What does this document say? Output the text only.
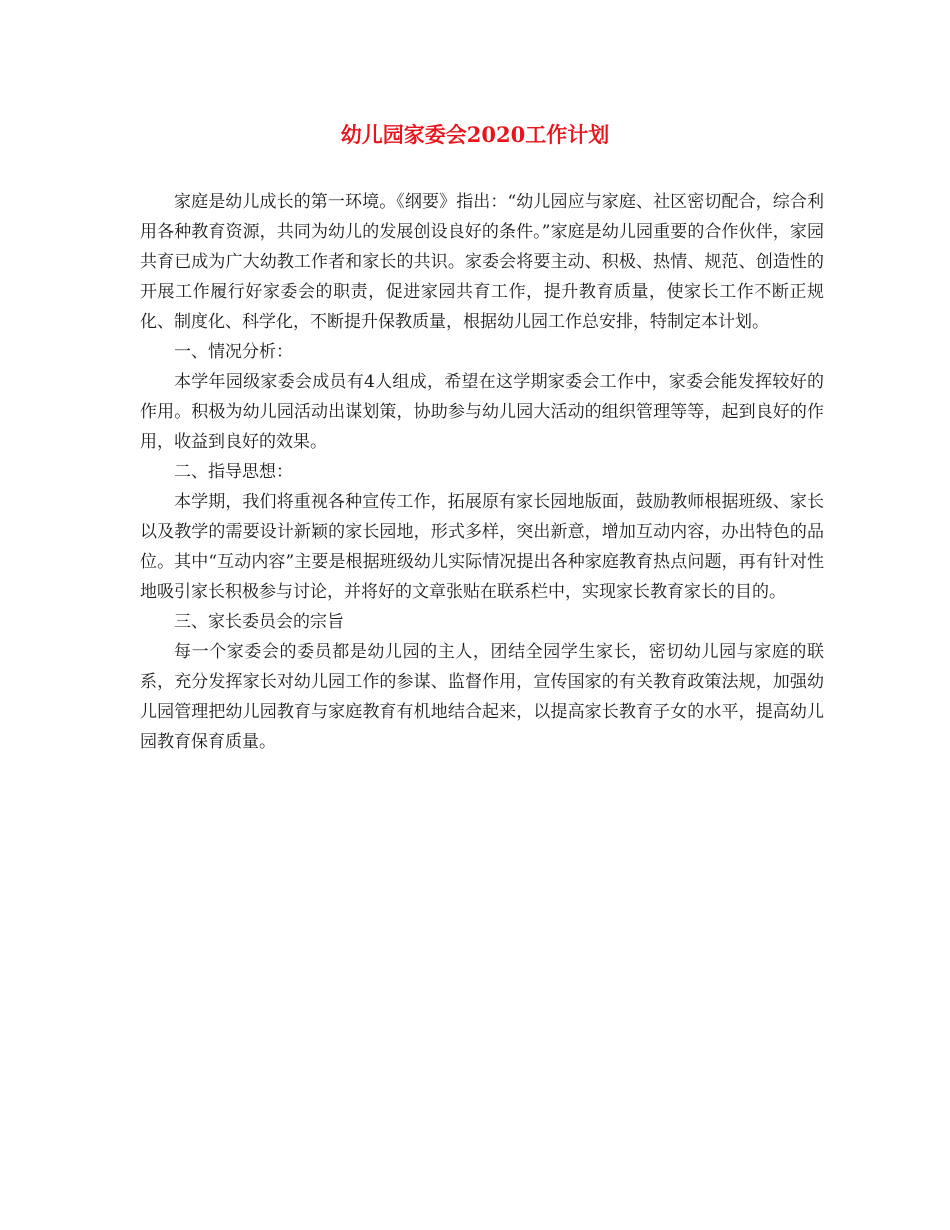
幼儿园家委会2020工作计划

家庭是幼儿成长的第一环境。《纲要》指出：“幼儿园应与家庭、社区密切配合，综合利用各种教育资源，共同为幼儿的发展创设良好的条件。”家庭是幼儿园重要的合作伙伴，家园共育已成为广大幼教工作者和家长的共识。家委会将要主动、积极、热情、规范、创造性的开展工作履行好家委会的职责，促进家园共育工作，提升教育质量，使家长工作不断正规化、制度化、科学化，不断提升保教质量，根据幼儿园工作总安排，特制定本计划。

一、情况分析：

本学年园级家委会成员有4人组成，希望在这学期家委会工作中，家委会能发挥较好的作用。积极为幼儿园活动出谋划策，协助参与幼儿园大活动的组织管理等等，起到良好的作用，收益到良好的效果。

二、指导思想：

本学期，我们将重视各种宣传工作，拓展原有家长园地版面，鼓励教师根据班级、家长以及教学的需要设计新颖的家长园地，形式多样，突出新意，增加互动内容，办出特色的品位。其中“互动内容”主要是根据班级幼儿实际情况提出各种家庭教育热点问题，再有针对性地吸引家长积极参与讨论，并将好的文章张贴在联系栏中，实现家长教育家长的目的。

三、家长委员会的宗旨

每一个家委会的委员都是幼儿园的主人，团结全园学生家长，密切幼儿园与家庭的联系，充分发挥家长对幼儿园工作的参谋、监督作用，宣传国家的有关教育政策法规，加强幼儿园管理把幼儿园教育与家庭教育有机地结合起来，以提高家长教育子女的水平，提高幼儿园教育保育质量。
